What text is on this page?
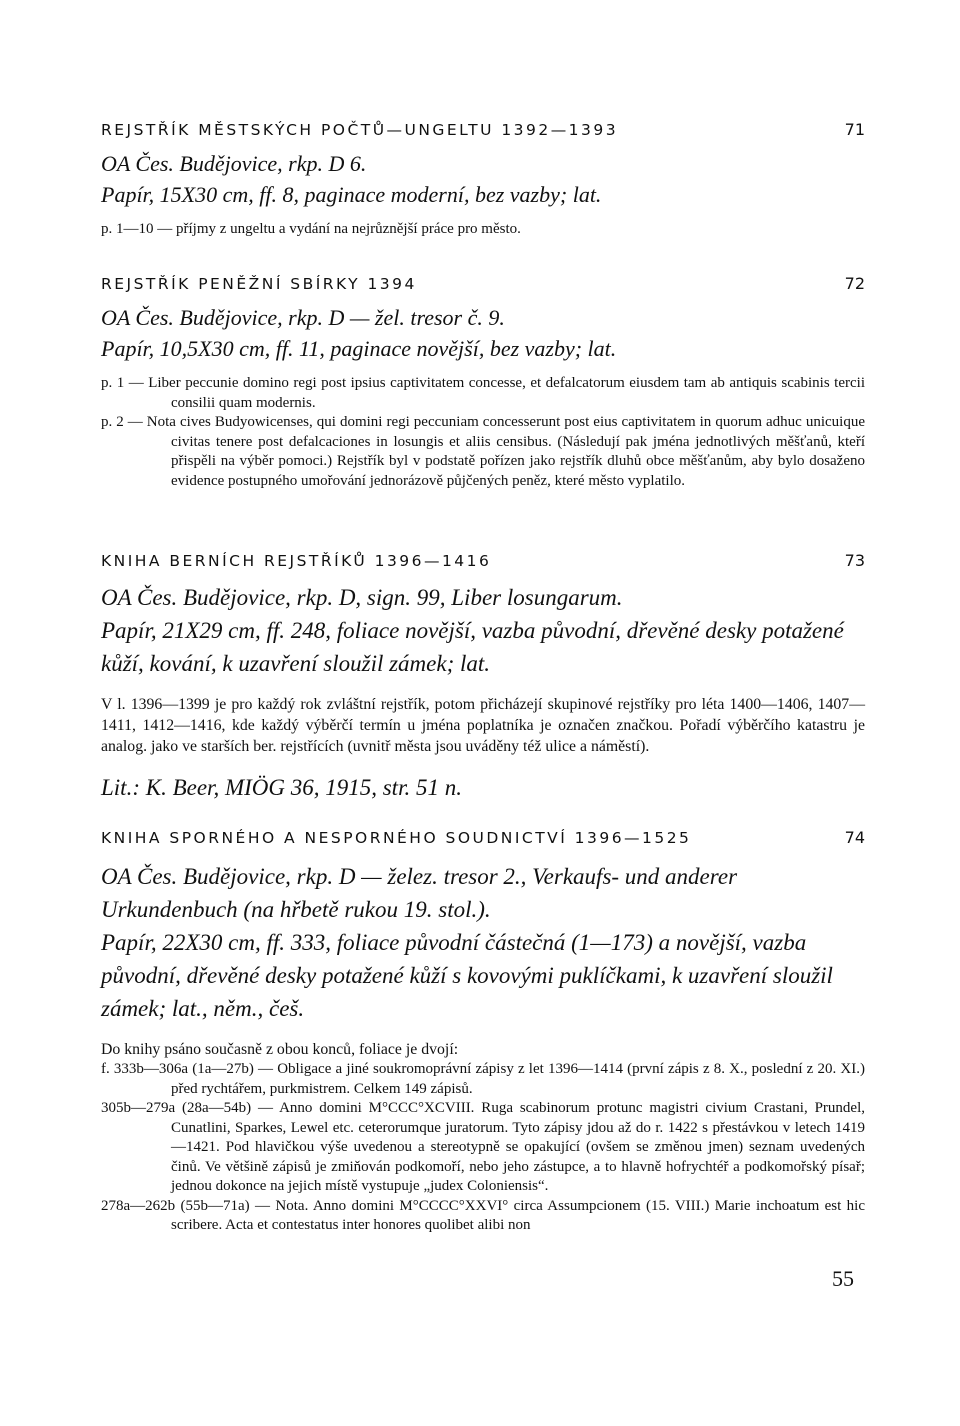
REJSTŘÍK MĚSTSKÝCH POČTŮ—UNGELTU 1392—1393	71

OA Čes. Budějovice, rkp. D 6.

Papír, 15X30 cm, ff. 8, paginace moderní, bez vazby; lat.

p. 1—10 — příjmy z ungeltu a vydání na nejrůznější práce pro město.

REJSTŘÍK PENĚŽNÍ SBÍRKY 1394	72

OA Čes. Budějovice, rkp. D — žel. tresor č. 9.

Papír, 10,5X30 cm, ff. 11, paginace novější, bez vazby; lat.

p. 1 — Liber peccunie domino regi post ipsius captivitatem concesse, et defalcatorum eiusdem tam ab antiquis scabinis tercii consilii quam modernis.

p. 2 — Nota cives Budyowicenses, qui domini regi peccuniam concesserunt post eius captivitatem in quorum adhuc unicuique civitas tenere post defalcaciones in losungis et aliis censibus. (Následují pak jména jednotlivých měšťanů, kteří přispěli na výběr pomoci.) Rejstřík byl v podstatě pořízen jako rejstřík dluhů obce měšťanům, aby bylo dosaženo evidence postupného umořování jednorázově půjčených peněz, které město vyplatilo.

KNIHA BERNÍCH REJSTŘÍKŮ 1396—1416	73

OA Čes. Budějovice, rkp. D, sign. 99, Liber losungarum.

Papír, 21X29 cm, ff. 248, foliace novější, vazba původní, dřevěné desky potažené kůží, kování, k uzavření sloužil zámek; lat.

V l. 1396—1399 je pro každý rok zvláštní rejstřík, potom přicházejí skupinové rejstříky pro léta 1400—1406, 1407—1411, 1412—1416, kde každý výběrčí termín u jména poplatníka je označen značkou. Pořadí výběrčího katastru je analog. jako ve starších ber. rejstřících (uvnitř města jsou uváděny též ulice a náměstí).

Lit.: K. Beer, MIÖG 36, 1915, str. 51 n.

KNIHA SPORNÉHO A NESPORNÉHO SOUDNICTVÍ 1396—1525	74

OA Čes. Budějovice, rkp. D — želez. tresor 2., Verkaufs- und anderer Urkundenbuch (na hřbetě rukou 19. stol.).

Papír, 22X30 cm, ff. 333, foliace původní částečná (1—173) a novější, vazba původní, dřevěné desky potažené kůží s kovovými puklíčkami, k uzavření sloužil zámek; lat., něm., češ.

Do knihy psáno současně z obou konců, foliace je dvojí:

f. 333b—306a (1a—27b) — Obligace a jiné soukromoprávní zápisy z let 1396—1414 (první zápis z 8. X., poslední z 20. XI.) před rychtářem, purkmistrem. Celkem 149 zápisů.

305b—279a (28a—54b) — Anno domini M°CCC°XCVIII. Ruga scabinorum protunc magistri civium Crastani, Prundel, Cunatlini, Sparkes, Lewel etc. ceterorumque juratorum. Tyto zápisy jdou až do r. 1422 s přestávkou v letech 1419—1421. Pod hlavičkou výše uvedenou a stereotypně se opakující (ovšem se změnou jmen) seznam uvedených činů. Ve většině zápisů je zmiňován podkomoří, nebo jeho zástupce, a to hlavně hofrychtéř a podkomořský písař; jednou dokonce na jejich místě vystupuje „judex Coloniensis“.

278a—262b (55b—71a) — Nota. Anno domini M°CCCC°XXVI° circa Assumpcionem (15. VIII.) Marie inchoatum est hic scribere. Acta et contestatus inter honores quolibet alibi non

55
